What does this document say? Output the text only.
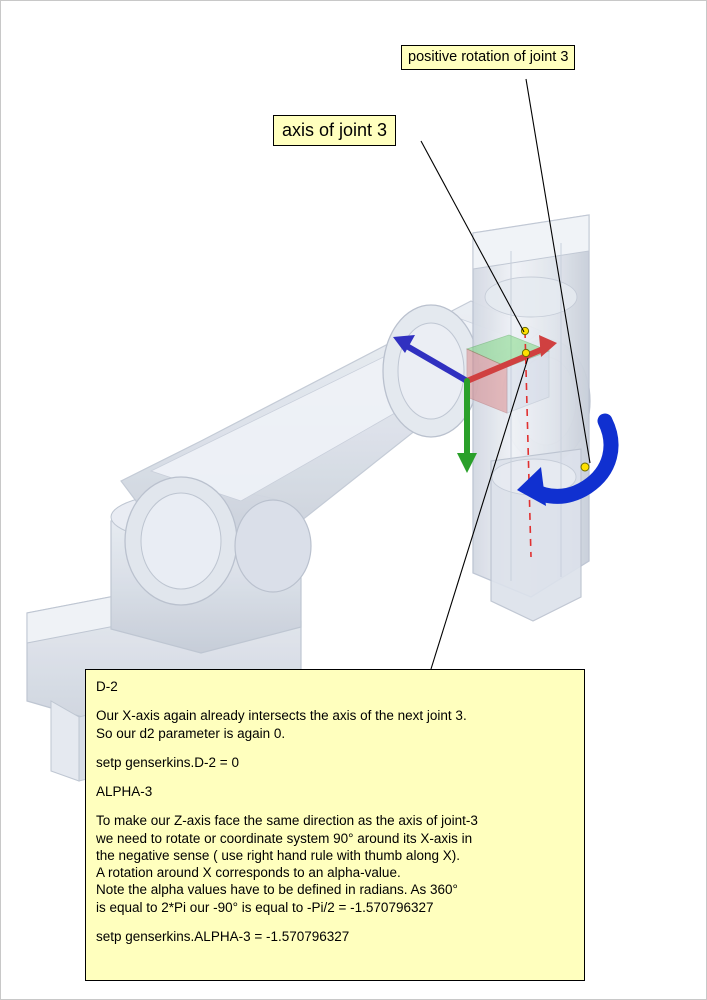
positive rotation of joint 3
axis of joint 3

D-2

Our X-axis again already intersects the axis of the next joint 3.

So our d2 parameter is again 0.

setp genserkins.D-2 = 0

ALPHA-3

To make our Z-axis face the same direction as the axis of joint-3

we need to rotate or coordinate system 90° around its X-axis in

the negative sense ( use right hand rule with thumb along X).

A rotation around X corresponds to an alpha-value.

Note the alpha values have to be defined in radians. As 360°

is equal to 2*Pi our -90° is equal to -Pi/2 = -1.570796327

setp genserkins.ALPHA-3 = -1.570796327
